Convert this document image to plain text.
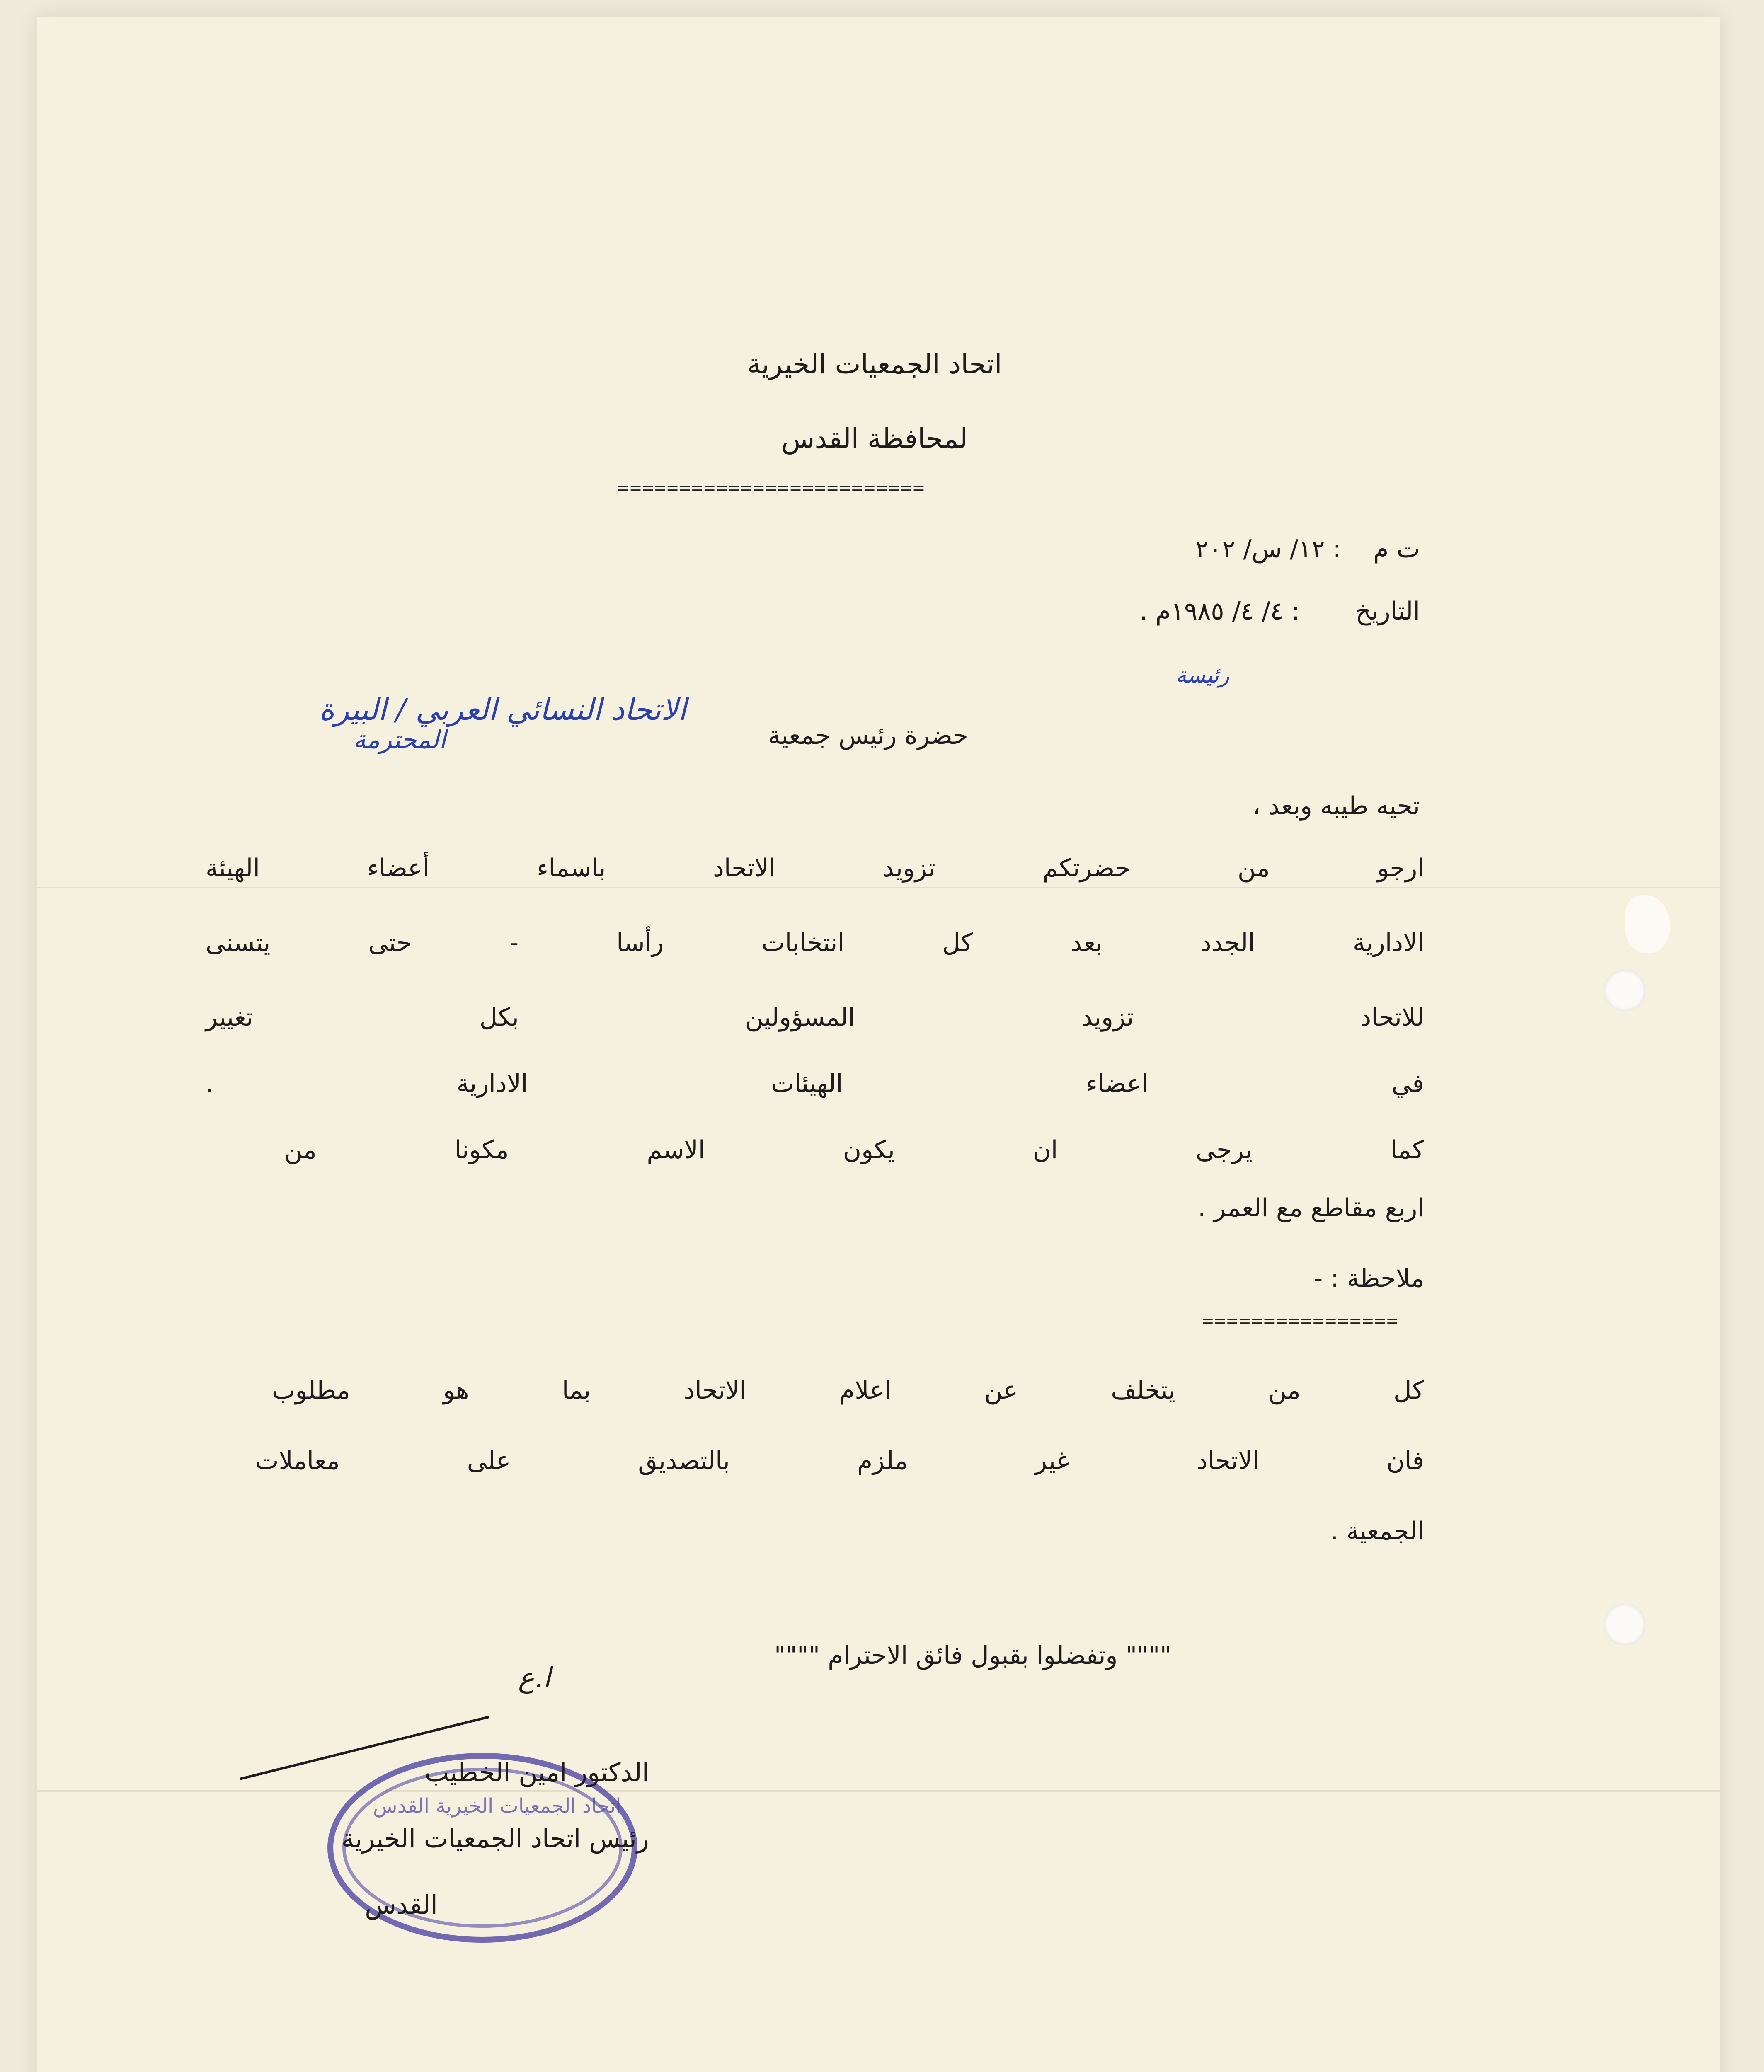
اتحاد الجمعيات الخيرية
لمحافظة القدس
=========================
ت م
: ١٢/ س/ ٢٠٢
التاريخ
: ٤/ ٤/ ١٩٨٥م .
حضرة رئيس جمعية
الاتحاد النسائي العربي / البيرة
رئيسة
المحترمة
تحيه طيبه وبعد ،
ارجو من حضرتكم تزويد الاتحاد باسماء أعضاء الهيئة
الادارية الجدد بعد كل انتخابات رأسا - حتى يتسنى
للاتحاد تزويد المسؤولين بكل تغيير
في اعضاء الهيئات الادارية .
كما يرجى ان يكون الاسم مكونا من
اربع مقاطع مع العمر .
ملاحظة : -
================
كل من يتخلف عن اعلام الاتحاد بما هو مطلوب
فان الاتحاد غير ملزم بالتصديق على معاملات
الجمعية .
"""" وتفضلوا بقبول فائق الاحترام """"
ا.ع
اتحاد الجمعيات الخيرية القدس
الدكتور امين الخطيب
رئيس اتحاد الجمعيات الخيرية
القدس
